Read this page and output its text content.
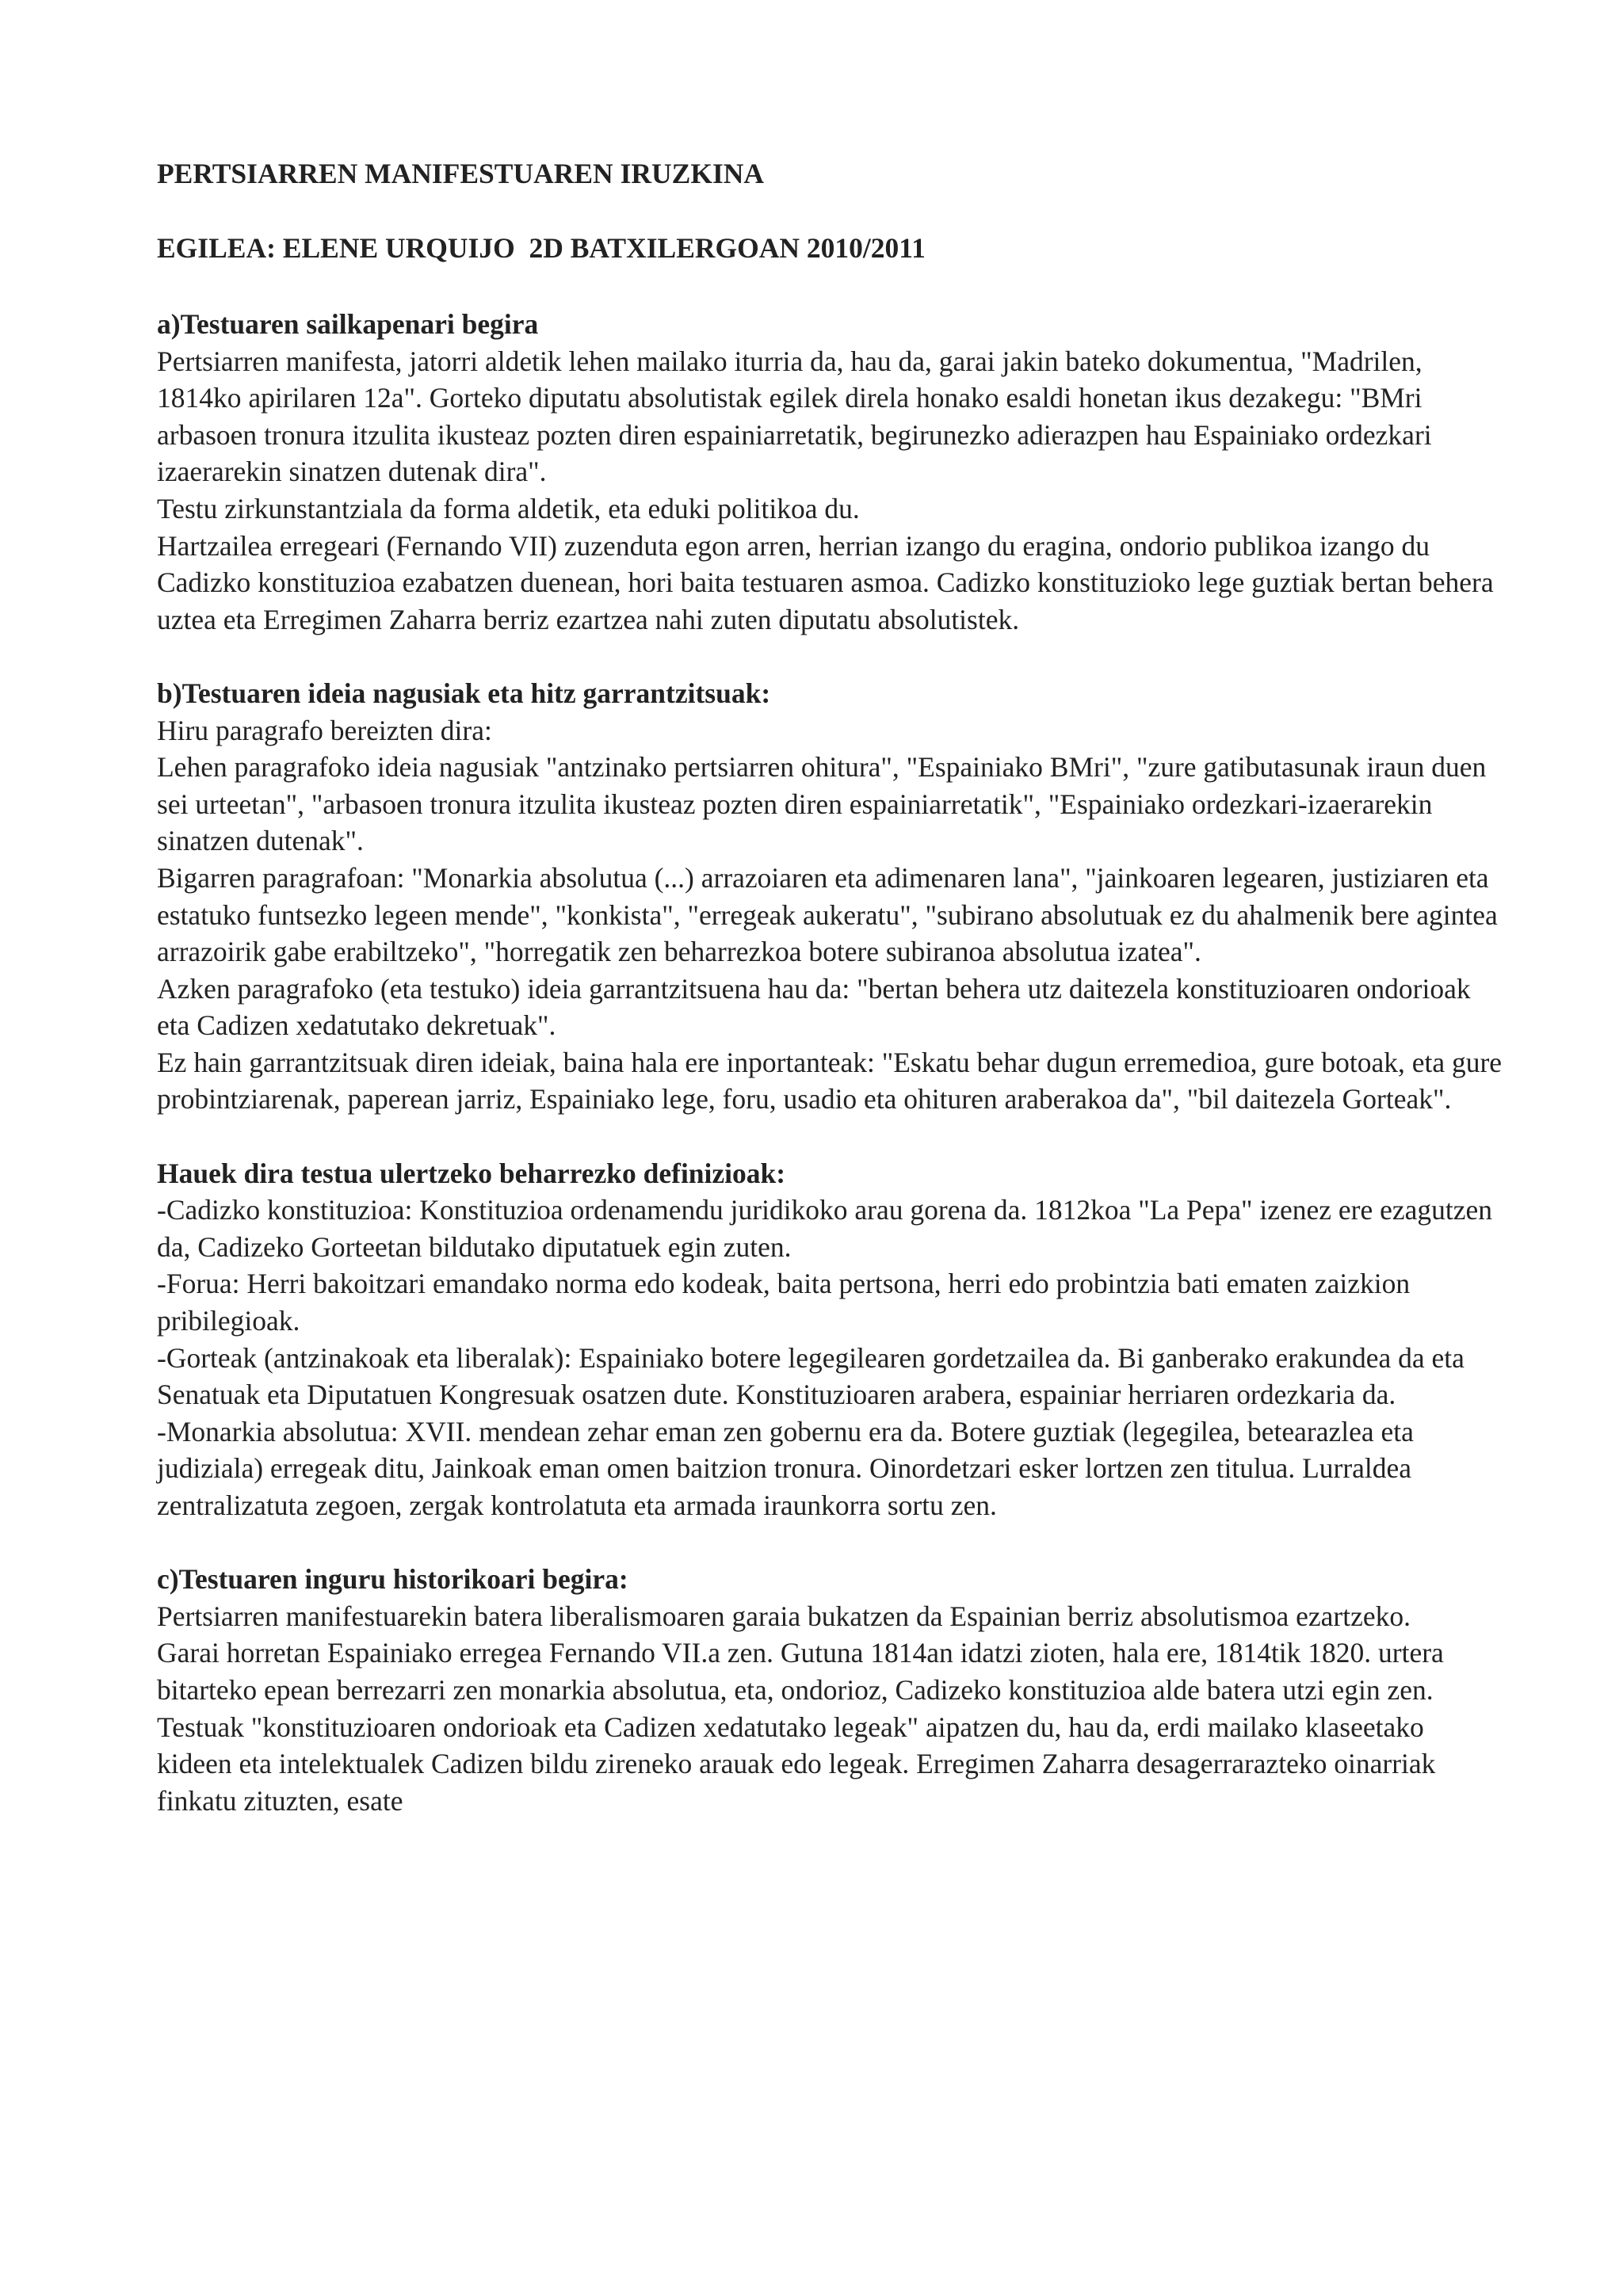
PERTSIARREN MANIFESTUAREN IRUZKINA
EGILEA: ELENE URQUIJO  2D BATXILERGOAN 2010/2011

a)Testuaren sailkapenari begira

Pertsiarren manifesta, jatorri aldetik lehen mailako iturria da, hau da, garai jakin bateko dokumentua, "Madrilen, 1814ko apirilaren 12a". Gorteko diputatu absolutistak egilek direla honako esaldi honetan ikus dezakegu: "BMri arbasoen tronura itzulita ikusteaz pozten diren espainiarretatik, begirunezko adierazpen hau Espainiako ordezkari izaerarekin sinatzen dutenak dira".

Testu zirkunstantziala da forma aldetik, eta eduki politikoa du.

Hartzailea erregeari (Fernando VII) zuzenduta egon arren, herrian izango du eragina, ondorio publikoa izango du Cadizko konstituzioa ezabatzen duenean, hori baita testuaren asmoa. Cadizko konstituzioko lege guztiak bertan behera uztea eta Erregimen Zaharra berriz ezartzea nahi zuten diputatu absolutistek.

b)Testuaren ideia nagusiak eta hitz garrantzitsuak:

Hiru paragrafo bereizten dira:

Lehen paragrafoko ideia nagusiak "antzinako pertsiarren ohitura", "Espainiako BMri", "zure gatibutasunak iraun duen sei urteetan", "arbasoen tronura itzulita ikusteaz pozten diren espainiarretatik", "Espainiako ordezkari-izaerarekin sinatzen dutenak".

Bigarren paragrafoan: "Monarkia absolutua (...) arrazoiaren eta adimenaren lana", "jainkoaren legearen, justiziaren eta estatuko funtsezko legeen mende", "konkista", "erregeak aukeratu", "subirano absolutuak ez du ahalmenik bere agintea arrazoirik gabe erabiltzeko", "horregatik zen beharrezkoa botere subiranoa absolutua izatea".

Azken paragrafoko (eta testuko) ideia garrantzitsuena hau da: "bertan behera utz daitezela konstituzioaren ondorioak eta Cadizen xedatutako dekretuak".

Ez hain garrantzitsuak diren ideiak, baina hala ere inportanteak: "Eskatu behar dugun erremedioa, gure botoak, eta gure probintziarenak, paperean jarriz, Espainiako lege, foru, usadio eta ohituren araberakoa da", "bil daitezela Gorteak".

Hauek dira testua ulertzeko beharrezko definizioak:

-Cadizko konstituzioa: Konstituzioa ordenamendu juridikoko arau gorena da. 1812koa "La Pepa" izenez ere ezagutzen da, Cadizeko Gorteetan bildutako diputatuek egin zuten.

-Forua: Herri bakoitzari emandako norma edo kodeak, baita pertsona, herri edo probintzia bati ematen zaizkion pribilegioak.

-Gorteak (antzinakoak eta liberalak): Espainiako botere legegilearen gordetzailea da. Bi ganberako erakundea da eta Senatuak eta Diputatuen Kongresuak osatzen dute. Konstituzioaren arabera, espainiar herriaren ordezkaria da.

-Monarkia absolutua: XVII. mendean zehar eman zen gobernu era da. Botere guztiak (legegilea, betearazlea eta judiziala) erregeak ditu, Jainkoak eman omen baitzion tronura. Oinordetzari esker lortzen zen titulua. Lurraldea zentralizatuta zegoen, zergak kontrolatuta eta armada iraunkorra sortu zen.

c)Testuaren inguru historikoari begira:

Pertsiarren manifestuarekin batera liberalismoaren garaia bukatzen da Espainian berriz absolutismoa ezartzeko.

Garai horretan Espainiako erregea Fernando VII.a zen. Gutuna 1814an idatzi zioten, hala ere, 1814tik 1820. urtera bitarteko epean berrezarri zen monarkia absolutua, eta, ondorioz, Cadizeko konstituzioa alde batera utzi egin zen. Testuak "konstituzioaren ondorioak eta Cadizen xedatutako legeak" aipatzen du, hau da, erdi mailako klaseetako kideen eta intelektualek Cadizen bildu zireneko arauak edo legeak. Erregimen Zaharra desagerrarazteko oinarriak finkatu zituzten, esate
